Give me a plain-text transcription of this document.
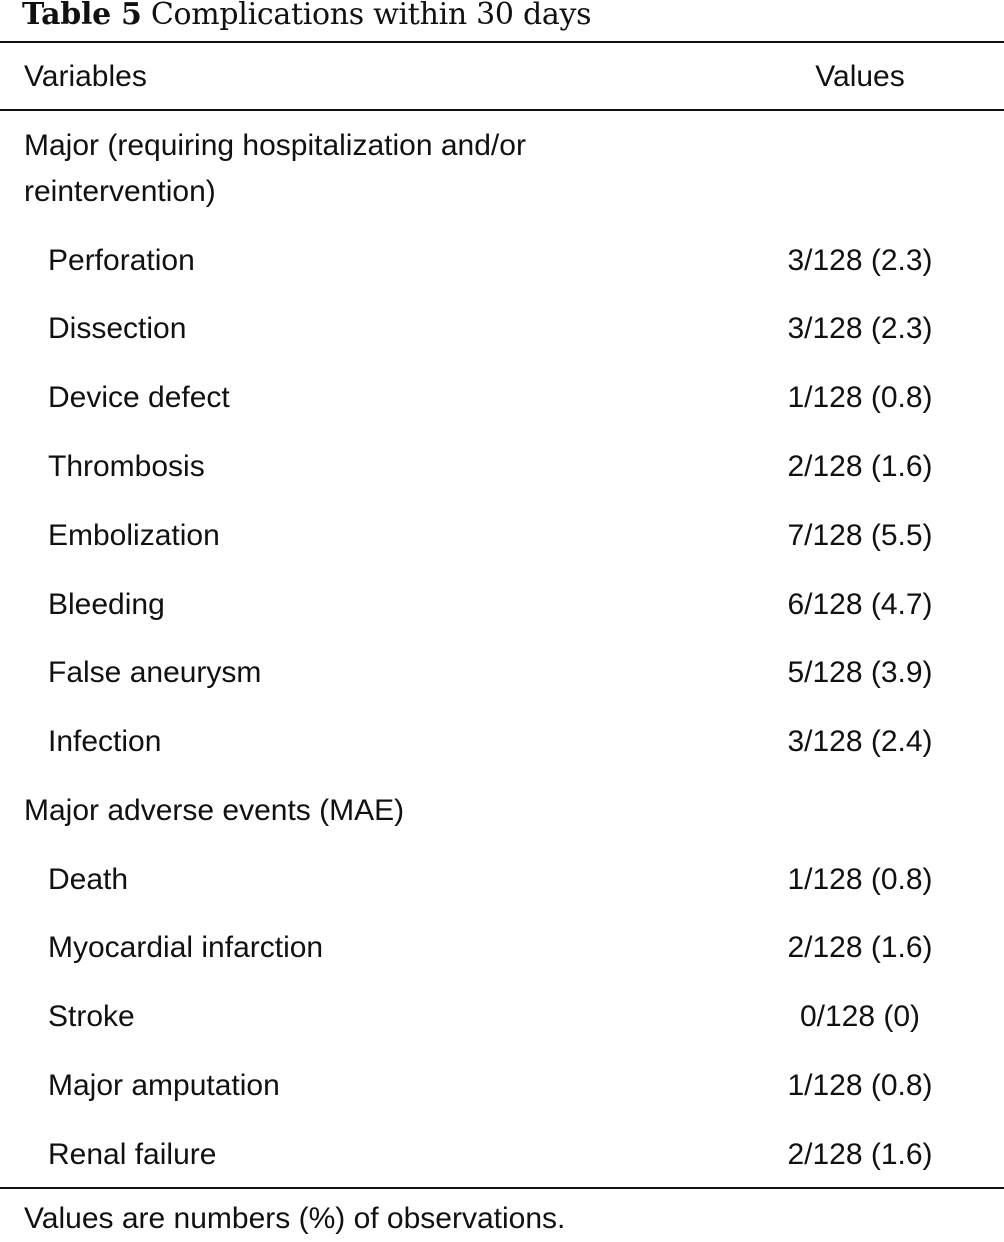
Table 5 Complications within 30 days
Variables	Values
Major (requiring hospitalization and/or reintervention)
Perforation	3/128 (2.3)
Dissection	3/128 (2.3)
Device defect	1/128 (0.8)
Thrombosis	2/128 (1.6)
Embolization	7/128 (5.5)
Bleeding	6/128 (4.7)
False aneurysm	5/128 (3.9)
Infection	3/128 (2.4)
Major adverse events (MAE)
Death	1/128 (0.8)
Myocardial infarction	2/128 (1.6)
Stroke	0/128 (0)
Major amputation	1/128 (0.8)
Renal failure	2/128 (1.6)
Values are numbers (%) of observations.
